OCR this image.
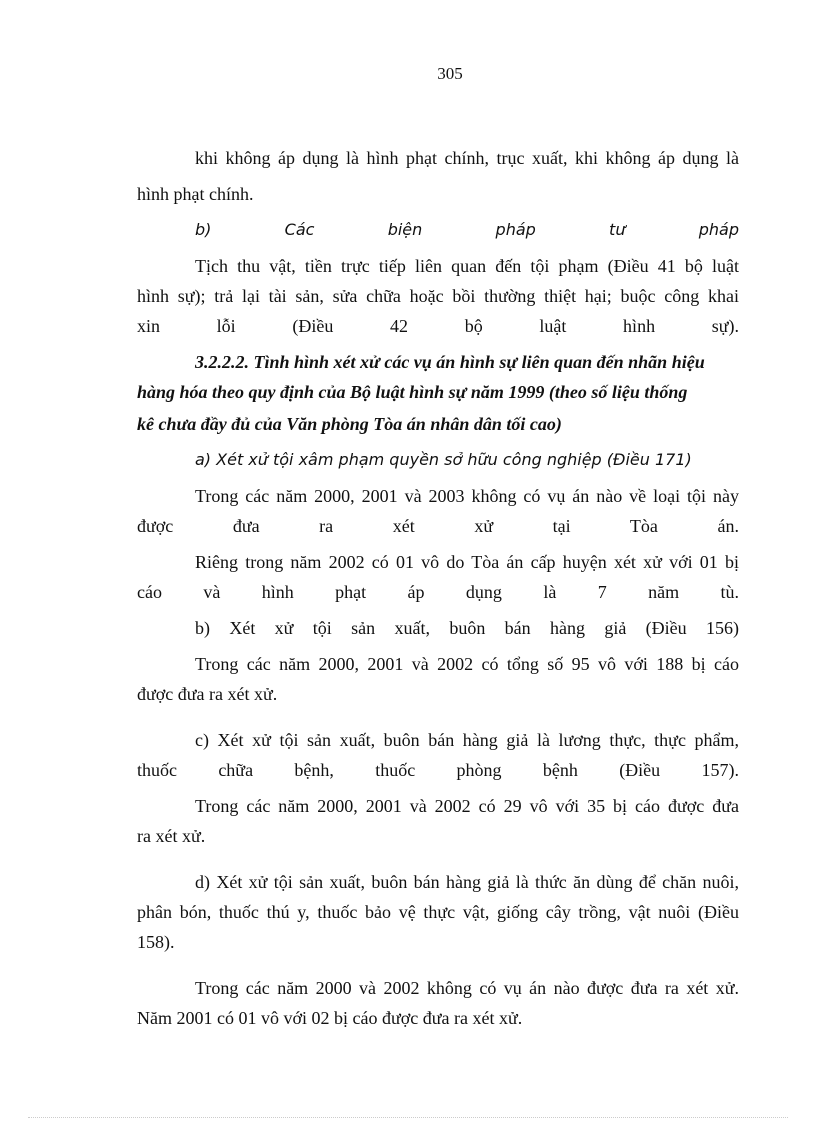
305
khi không áp dụng là hình phạt chính, trục xuất, khi không áp dụng là
hình phạt chính.
b) Các biện pháp tư pháp
Tịch thu vật, tiền trực tiếp liên quan đến tội phạm (Điều 41 bộ luật
hình sự); trả lại tài sản, sửa chữa hoặc bồi thường thiệt hại; buộc công khai
xin lỗi (Điều 42 bộ luật hình sự).
3.2.2.2. Tình hình xét xử các vụ án hình sự liên quan đến nhãn hiệu
hàng hóa theo quy định của Bộ luật hình sự năm 1999 (theo số liệu thống
kê chưa đầy đủ của Văn phòng Tòa án nhân dân tối cao)
a) Xét xử tội xâm phạm quyền sở hữu công nghiệp (Điều 171)
Trong các năm 2000, 2001 và 2003 không có vụ án nào về loại tội này
được đưa ra xét xử tại Tòa án.
Riêng trong năm 2002 có 01 vô do Tòa án cấp huyện xét xử với 01 bị
cáo và hình phạt áp dụng là 7 năm tù.
b) Xét xử tội sản xuất, buôn bán hàng giả (Điều 156)
Trong các năm 2000, 2001 và 2002 có tổng số 95 vô với 188 bị cáo
được đưa ra xét xử.
c) Xét xử tội sản xuất, buôn bán hàng giả là lương thực, thực phẩm,
thuốc chữa bệnh, thuốc phòng bệnh (Điều 157).
Trong các năm 2000, 2001 và 2002 có 29 vô với 35 bị cáo được đưa
ra xét xử.
d) Xét xử tội sản xuất, buôn bán hàng giả là thức ăn dùng để chăn nuôi,
phân bón, thuốc thú y, thuốc bảo vệ thực vật, giống cây trồng, vật nuôi (Điều
158).
Trong các năm 2000 và 2002 không có vụ án nào được đưa ra xét xử.
Năm 2001 có 01 vô với 02 bị cáo được đưa ra xét xử.
